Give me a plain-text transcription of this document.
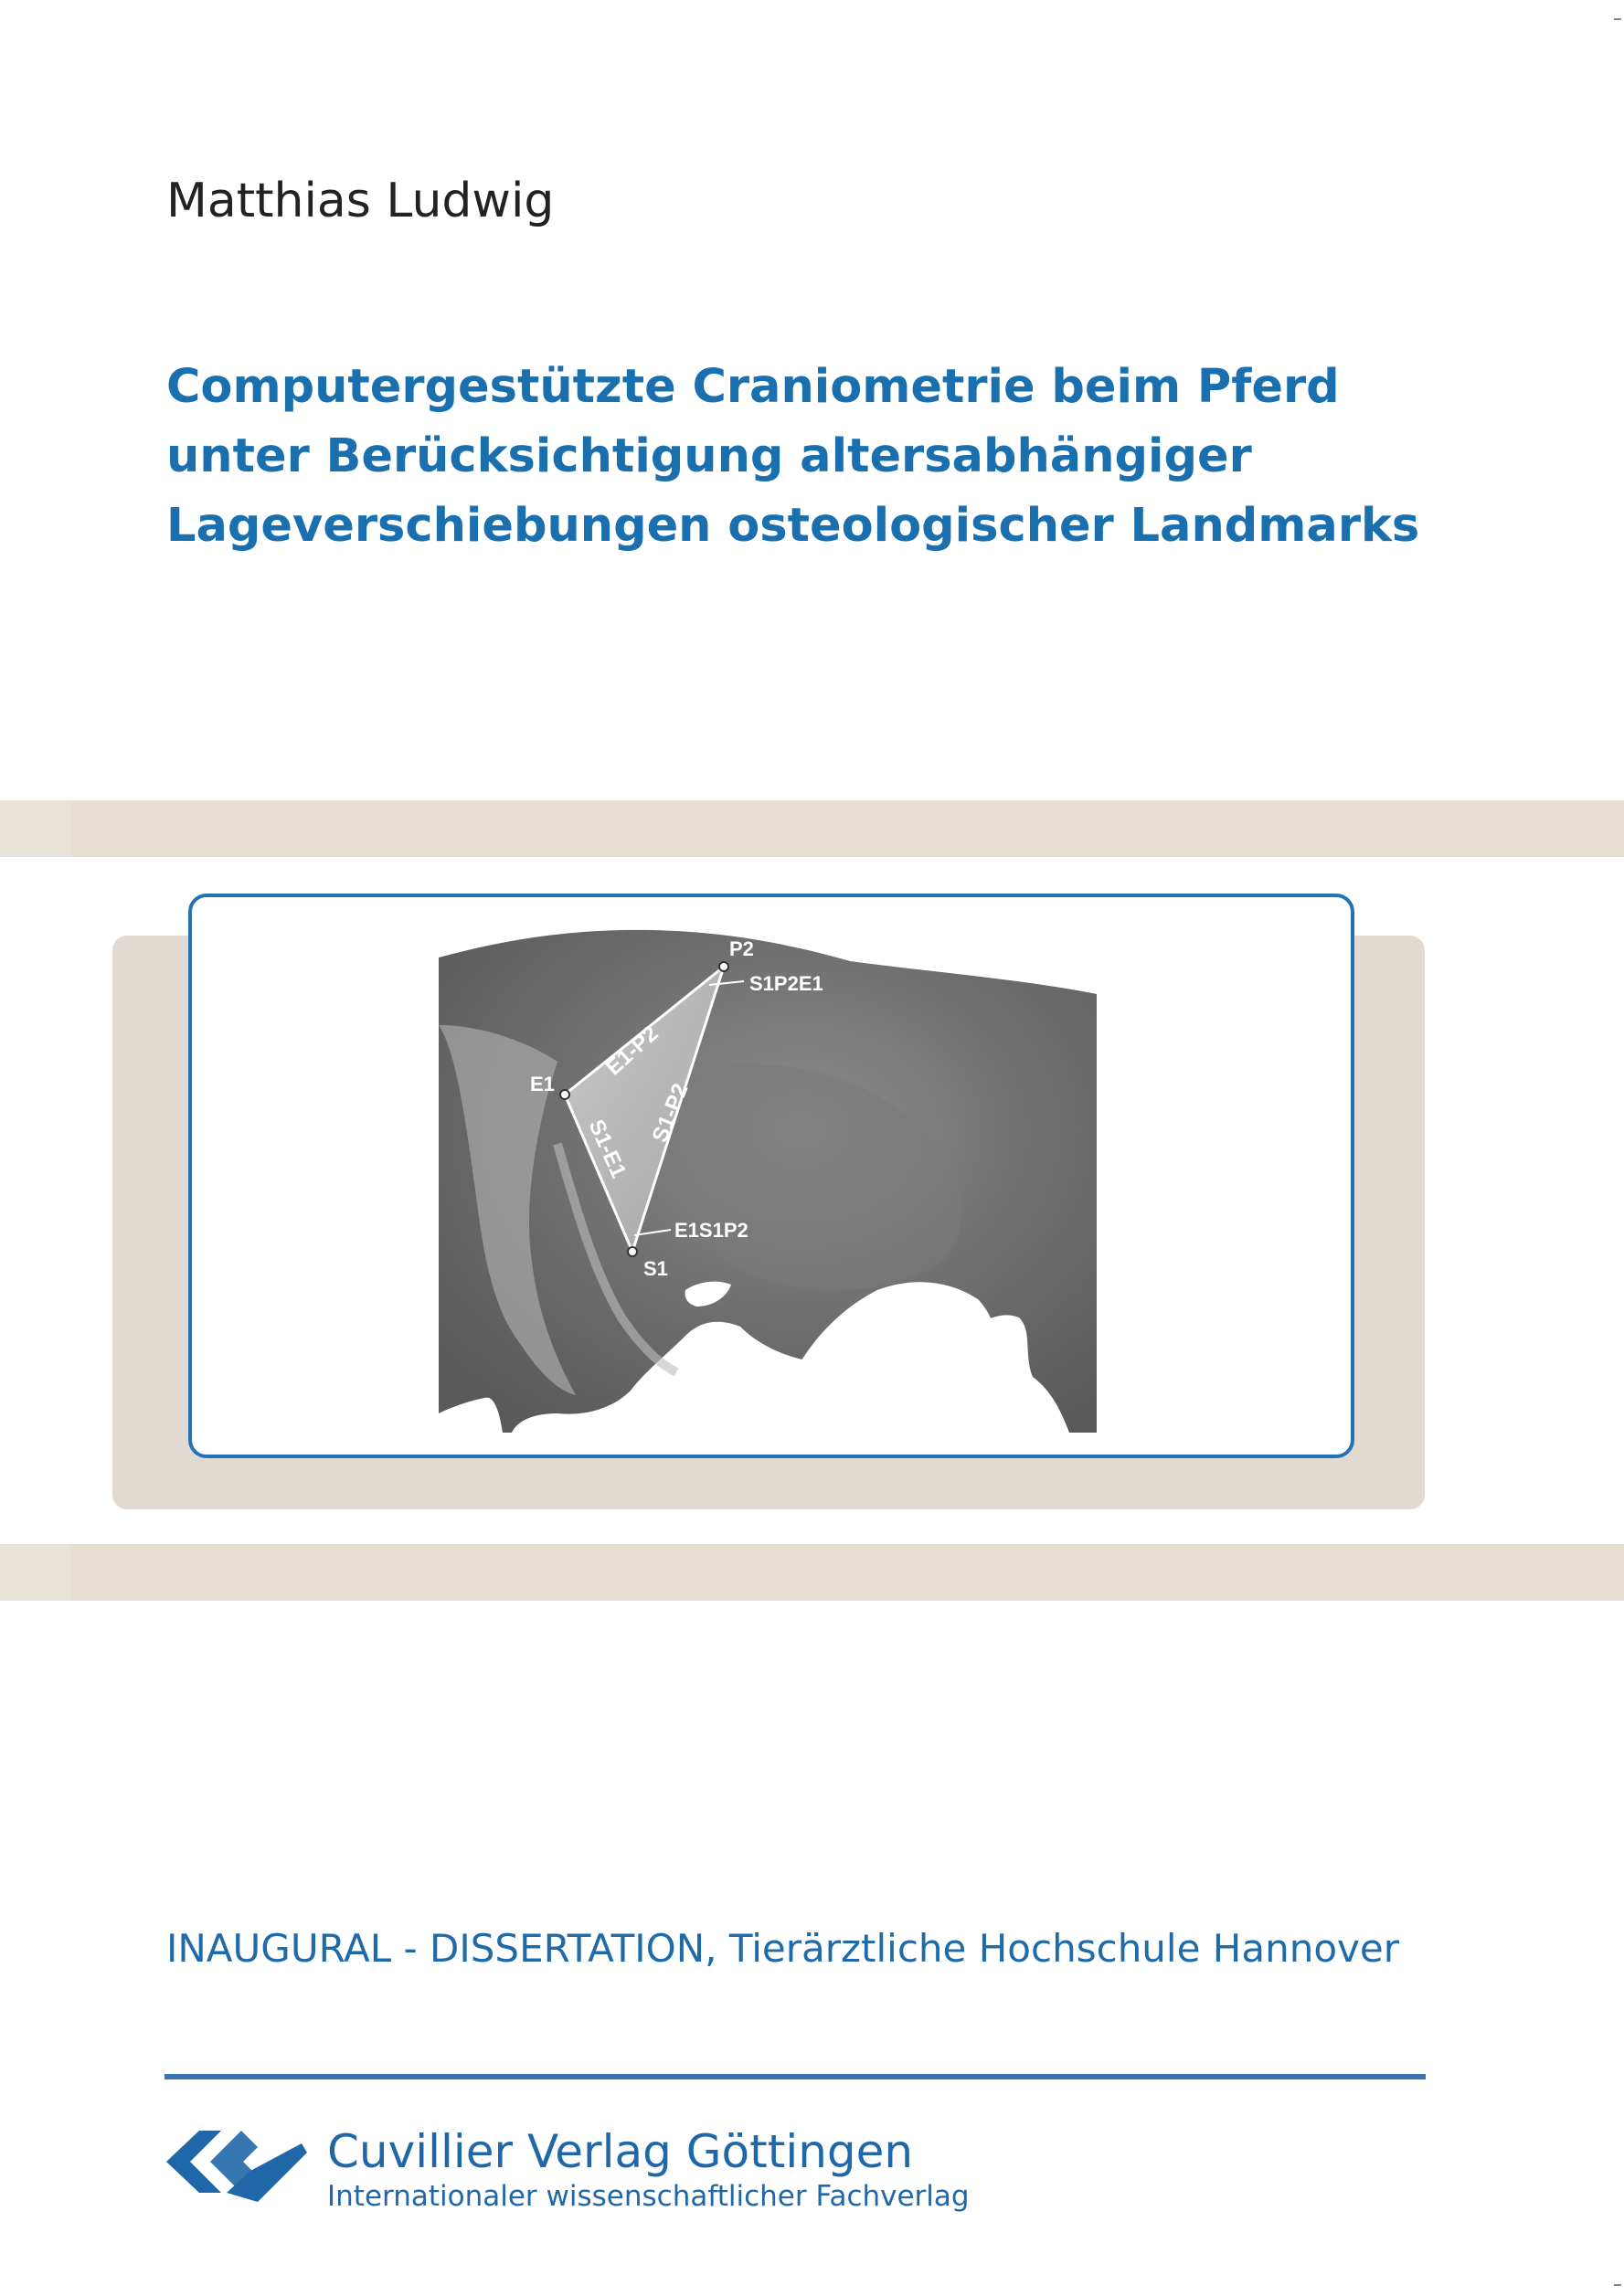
Matthias Ludwig
Computergestützte Craniometrie beim Pferd
unter Berücksichtigung altersabhängiger
Lageverschiebungen osteologischer Landmarks
P2
E1
S1
S1P2E1
E1S1P2
E1-P2
S1-P2
S1-E1
INAUGURAL - DISSERTATION, Tierärztliche Hochschule Hannover
Cuvillier Verlag Göttingen
Internationaler wissenschaftlicher Fachverlag
